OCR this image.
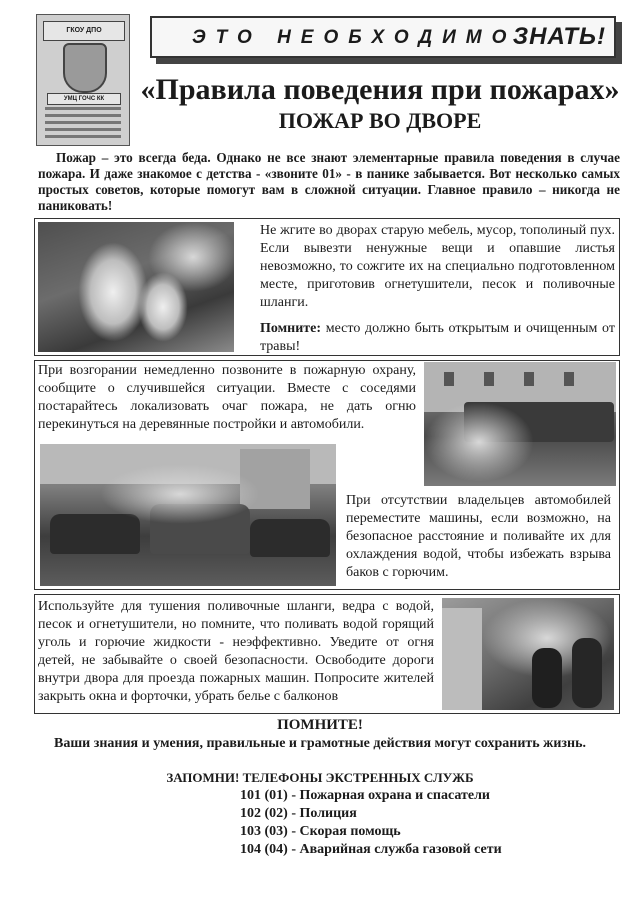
ГКОУ ДПО
УМЦ ГОЧС КК
ЭТО НЕОБХОДИМО
ЗНАТЬ!
«Правила поведения при пожарах»
ПОЖАР ВО ДВОРЕ
Пожар – это всегда беда. Однако не все знают элементарные правила поведения в случае пожара. И даже знакомое с детства - «звоните 01» - в панике забывается. Вот несколько самых простых советов, которые помогут вам в сложной ситуации. Главное правило – никогда не паниковать!
Не жгите во дворах старую мебель, мусор, тополиный пух. Если вывезти ненужные вещи и опавшие листья невозможно, то сожгите их на специально подготовленном месте, приготовив огнетушители, песок и поливочные шланги.
Помните: место должно быть открытым и очищенным от травы!
При возгорании немедленно позвоните в пожарную охрану, сообщите о случившейся ситуации. Вместе с соседями постарайтесь локализовать очаг пожара, не дать огню перекинуться на деревянные постройки и автомобили.
При отсутствии владельцев автомобилей переместите машины, если возможно, на безопасное расстояние и поливайте их для охлаждения водой, чтобы избежать взрыва баков с горючим.
Используйте для тушения поливочные шланги, ведра с водой, песок и огнетушители, но помните, что поливать водой горящий уголь и горючие жидкости - неэффективно. Уведите от огня детей, не забывайте о своей безопасности. Освободите дороги внутри двора для проезда пожарных машин. Попросите жителей закрыть окна и форточки, убрать белье с балконов
ПОМНИТЕ!
Ваши знания и умения, правильные и грамотные действия могут сохранить жизнь.
ЗАПОМНИ! ТЕЛЕФОНЫ ЭКСТРЕННЫХ СЛУЖБ
101 (01) - Пожарная охрана и спасатели
102 (02) - Полиция
103 (03) - Скорая помощь
104 (04) - Аварийная служба газовой сети
